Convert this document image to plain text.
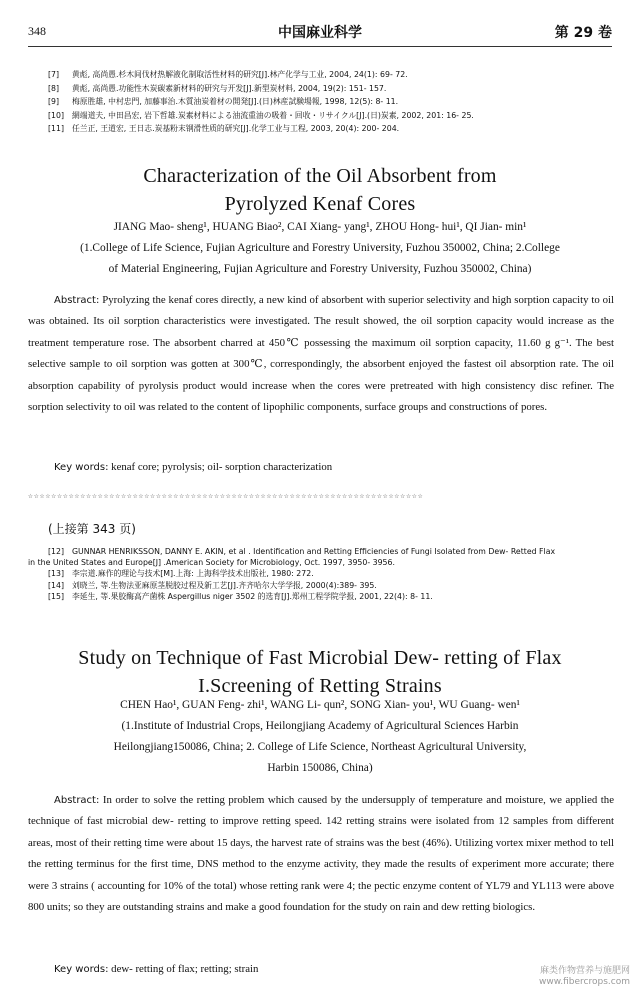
348	中国麻业科学	第 29 卷
[7] 黄彪, 高尚愚.杉木间伐材热解液化制取活性材料的研究[J].林产化学与工业, 2004, 24(1): 69- 72.
[8] 黄彪, 高尚愚.功能性木炭碳素新材料的研究与开发[J].新型炭材料, 2004, 19(2): 151- 157.
[9] 梅原胜雄, 中村忠門, 加藤事治.木質油炭着材の開発[J].(日)林産試験場報, 1998, 12(5): 8- 11.
[10] 網端道夫, 中田昌宏, 岩下哲雄.炭素材料による油流重油の吸着・回收・リサイクル[J].(日)炭素, 2002, 201: 16- 25.
[11] 任兰正, 王道宏, 王日志.炭基粉末钢滑性质的研究[J].化学工业与工程, 2003, 20(4): 200- 204.
Characterization of the Oil Absorbent from
Pyrolyzed Kenaf Cores
JIANG Mao- sheng¹, HUANG Biao², CAI Xiang- yang¹, ZHOU Hong- hui¹, QI Jian- min¹
(1.College of Life Science, Fujian Agriculture and Forestry University, Fuzhou 350002, China; 2.College
of Material Engineering, Fujian Agriculture and Forestry University, Fuzhou 350002, China)
Abstract: Pyrolyzing the kenaf cores directly, a new kind of absorbent with superior selectivity and high sorption capacity to oil was obtained. Its oil sorption characteristics were investigated. The result showed, the oil sorption capacity would increase as the treatment temperature rose. The absorbent charred at 450℃ possessing the maximum oil sorption capacity, 11.60 g g⁻¹. The best selective sample to oil sorption was gotten at 300℃, correspondingly, the absorbent enjoyed the fastest oil absorption rate. The oil absorption capability of pyrolysis product would increase when the cores were pretreated with high consistency disc refiner. The sorption selectivity to oil was related to the content of lipophilic components, surface groups and constructions of pores.
Key words: kenaf core; pyrolysis; oil- sorption characterization
☆☆☆☆☆☆☆☆☆☆☆☆☆☆☆☆☆☆☆☆☆☆☆☆☆☆☆☆☆☆☆☆☆☆☆☆☆☆☆☆☆☆☆☆☆☆☆☆☆☆☆☆☆☆☆☆☆☆☆☆☆☆☆☆☆☆☆☆
(上接第 343 页)
[12] GUNNAR HENRIKSSON, DANNY E. AKIN, et al . Identification and Retting Efficiencies of Fungi Isolated from Dew- Retted Flax
in the United States and Europe[J] .American Society for Microbiology, Oct. 1997, 3950- 3956.
[13] 李宗道.麻作的理论与技术[M].上海: 上海科学技术出版社, 1980: 272.
[14] 刘晓兰, 等.生物法亚麻原茎脱胶过程及新工艺[J].齐齐哈尔大学学报, 2000(4):389- 395.
[15] 李延生, 等.果胶酶高产菌株 Aspergillus niger 3502 的选育[J].郑州工程学院学报, 2001, 22(4): 8- 11.
Study on Technique of Fast Microbial Dew- retting of Flax
I.Screening of Retting Strains
CHEN Hao¹, GUAN Feng- zhi¹, WANG Li- qun², SONG Xian- you¹, WU Guang- wen¹
(1.Institute of Industrial Crops, Heilongjiang Academy of Agricultural Sciences Harbin
Heilongjiang150086, China; 2. College of Life Science, Northeast Agricultural University,
Harbin 150086, China)
Abstract: In order to solve the retting problem which caused by the undersupply of temperature and moisture, we applied the technique of fast microbial dew- retting to improve retting speed. 142 retting strains were isolated from 12 samples from different areas, most of their retting time were about 15 days, the harvest rate of strains was the best (46%). Utilizing vortex mixer method to tell the retting terminus for the first time, DNS method to the enzyme activity, they made the results of experiment more accurate; there were 3 strains ( accounting for 10% of the total) whose retting rank were 4; the pectic enzyme content of YL79 and YL113 were above 800 units; so they are outstanding strains and make a good foundation for the study on rain and dew retting biologics.
Key words: dew- retting of flax; retting; strain	麻类作物营养与施肥网
www.fibercrops.com
